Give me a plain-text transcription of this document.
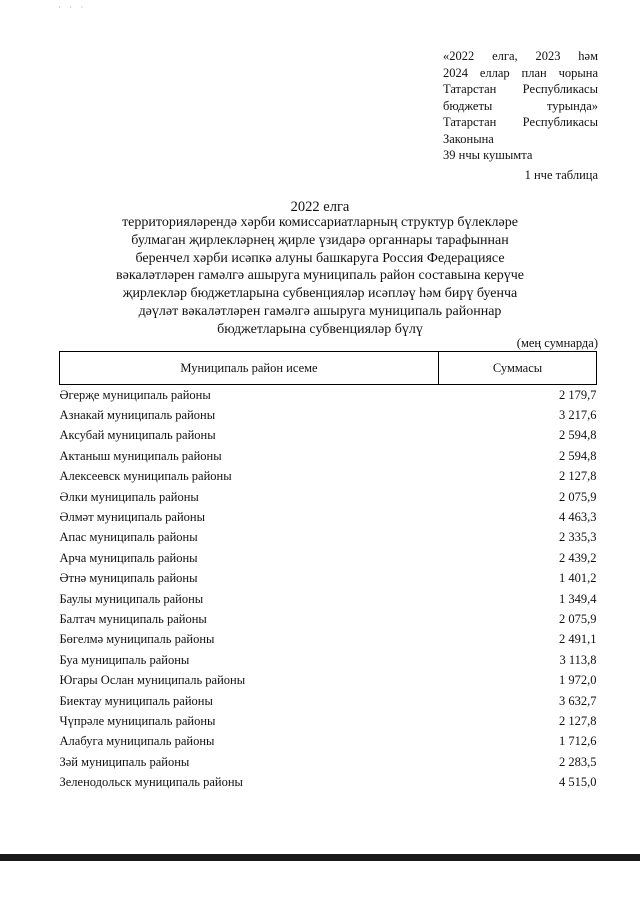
· · ·
«2022 елга, 2023 һәм
2024 еллар план чорына
Татарстан Республикасы
бюджеты турында»
Татарстан Республикасы
Законына
39 нчы кушымта
1 нче таблица
2022 елга
территорияләрендә хәрби комиссариатларның структур бүлекләре булмаган җирлекләрнең җирле үзидарә органнары тарафыннан беренчел хәрби исәпкә алуны башкаруга Россия Федерациясе вәкаләтләрен гамәлгә ашыруга муниципаль район составына керүче җирлекләр бюджетларына субвенцияләр исәпләү һәм бирү буенча дәүләт вәкаләтләрен гамәлгә ашыруга муниципаль районнар бюджетларына субвенцияләр бүлү
(мең сумнарда)
Муниципаль район исеме	Суммасы
Әгерҗе муниципаль районы	2 179,7
Азнакай муниципаль районы	3 217,6
Аксубай муниципаль районы	2 594,8
Актаныш муниципаль районы	2 594,8
Алексеевск муниципаль районы	2 127,8
Әлки муниципаль районы	2 075,9
Әлмәт муниципаль районы	4 463,3
Апас муниципаль районы	2 335,3
Арча муниципаль районы	2 439,2
Әтнә муниципаль районы	1 401,2
Баулы муниципаль районы	1 349,4
Балтач муниципаль районы	2 075,9
Бөгелмә муниципаль районы	2 491,1
Буа муниципаль районы	3 113,8
Югары Ослан муниципаль районы	1 972,0
Биектау муниципаль районы	3 632,7
Чүпрәле муниципаль районы	2 127,8
Алабуга муниципаль районы	1 712,6
Зәй муниципаль районы	2 283,5
Зеленодольск муниципаль районы	4 515,0
